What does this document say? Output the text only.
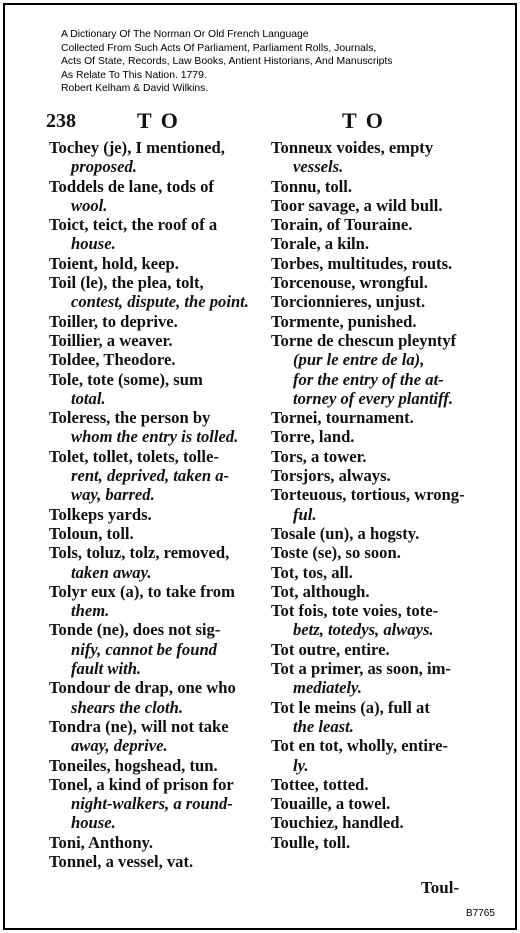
A Dictionary Of The Norman Or Old French Language
Collected From Such Acts Of Parliament, Parliament Rolls, Journals,
Acts Of State, Records, Law Books, Antient Historians, And Manuscripts
As Relate To This Nation. 1779.
Robert Kelham & David Wilkins.
238	T O	T O
Tochey (je), I mentioned,
proposed.
Toddels de lane, tods of
wool.
Toict, teict, the roof of a
house.
Toient, hold, keep.
Toil (le), the plea, tolt,
contest, dispute, the point.
Toiller, to deprive.
Toillier, a weaver.
Toldee, Theodore.
Tole, tote (some), sum
total.
Toleress, the person by
whom the entry is tolled.
Tolet, tollet, tolets, tolle-
rent, deprived, taken a-
way, barred.
Tolkeps yards.
Toloun, toll.
Tols, toluz, tolz, removed,
taken away.
Tolyr eux (a), to take from
them.
Tonde (ne), does not sig-
nify, cannot be found
fault with.
Tondour de drap, one who
shears the cloth.
Tondra (ne), will not take
away, deprive.
Toneiles, hogshead, tun.
Tonel, a kind of prison for
night-walkers, a round-
house.
Toni, Anthony.
Tonnel, a vessel, vat.
Tonneux voides, empty
vessels.
Tonnu, toll.
Toor savage, a wild bull.
Torain, of Touraine.
Torale, a kiln.
Torbes, multitudes, routs.
Torcenouse, wrongful.
Torcionnieres, unjust.
Tormente, punished.
Torne de chescun pleyntyf
(pur le entre de la),
for the entry of the at-
torney of every plantiff.
Tornei, tournament.
Torre, land.
Tors, a tower.
Torsjors, always.
Torteuous, tortious, wrong-
ful.
Tosale (un), a hogsty.
Toste (se), so soon.
Tot, tos, all.
Tot, although.
Tot fois, tote voies, tote-
betz, totedys, always.
Tot outre, entire.
Tot a primer, as soon, im-
mediately.
Tot le meins (a), full at
the least.
Tot en tot, wholly, entire-
ly.
Tottee, totted.
Touaille, a towel.
Touchiez, handled.
Toulle, toll.
Toul-
B7765
